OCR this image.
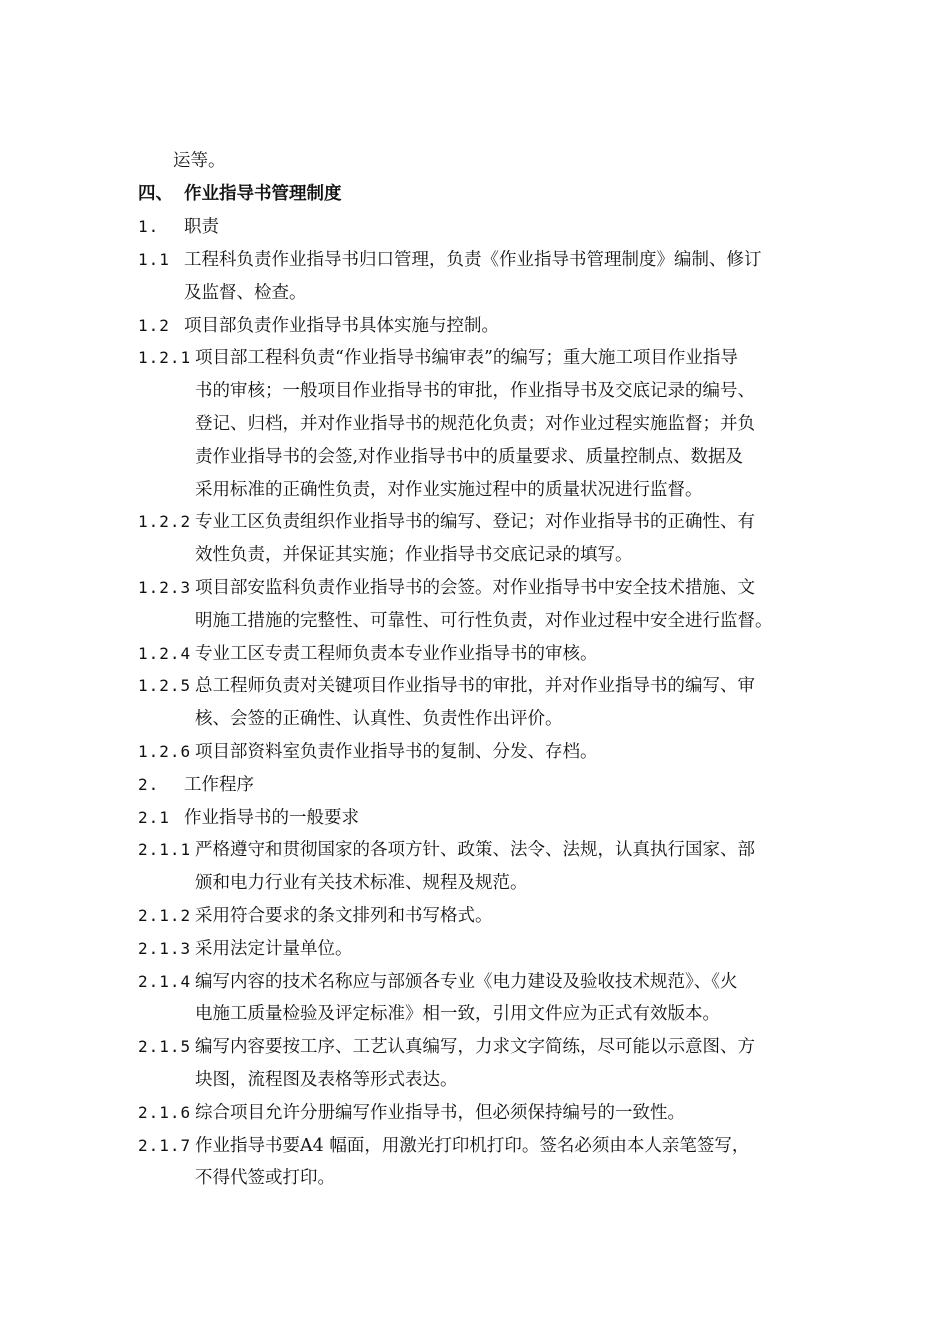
运等。
四、 作业指导书管理制度
1. 职责
1.1 工程科负责作业指导书归口管理，负责《作业指导书管理制度》编制、修订
及监督、检查。
1.2 项目部负责作业指导书具体实施与控制。
1.2.1 项目部工程科负责“作业指导书编审表”的编写；重大施工项目作业指导
书的审核；一般项目作业指导书的审批，作业指导书及交底记录的编号、
登记、归档，并对作业指导书的规范化负责；对作业过程实施监督；并负
责作业指导书的会签,对作业指导书中的质量要求、质量控制点、数据及
采用标准的正确性负责，对作业实施过程中的质量状况进行监督。
1.2.2 专业工区负责组织作业指导书的编写、登记；对作业指导书的正确性、有
效性负责，并保证其实施；作业指导书交底记录的填写。
1.2.3 项目部安监科负责作业指导书的会签。对作业指导书中安全技术措施、文
明施工措施的完整性、可靠性、可行性负责，对作业过程中安全进行监督。
1.2.4 专业工区专责工程师负责本专业作业指导书的审核。
1.2.5 总工程师负责对关键项目作业指导书的审批，并对作业指导书的编写、审
核、会签的正确性、认真性、负责性作出评价。
1.2.6 项目部资料室负责作业指导书的复制、分发、存档。
2. 工作程序
2.1 作业指导书的一般要求
2.1.1 严格遵守和贯彻国家的各项方针、政策、法令、法规，认真执行国家、部
颁和电力行业有关技术标准、规程及规范。
2.1.2 采用符合要求的条文排列和书写格式。
2.1.3 采用法定计量单位。
2.1.4 编写内容的技术名称应与部颁各专业《电力建设及验收技术规范》、《火
电施工质量检验及评定标准》相一致，引用文件应为正式有效版本。
2.1.5 编写内容要按工序、工艺认真编写，力求文字简练，尽可能以示意图、方
块图，流程图及表格等形式表达。
2.1.6 综合项目允许分册编写作业指导书，但必须保持编号的一致性。
2.1.7 作业指导书要A4 幅面，用激光打印机打印。签名必须由本人亲笔签写，
不得代签或打印。
